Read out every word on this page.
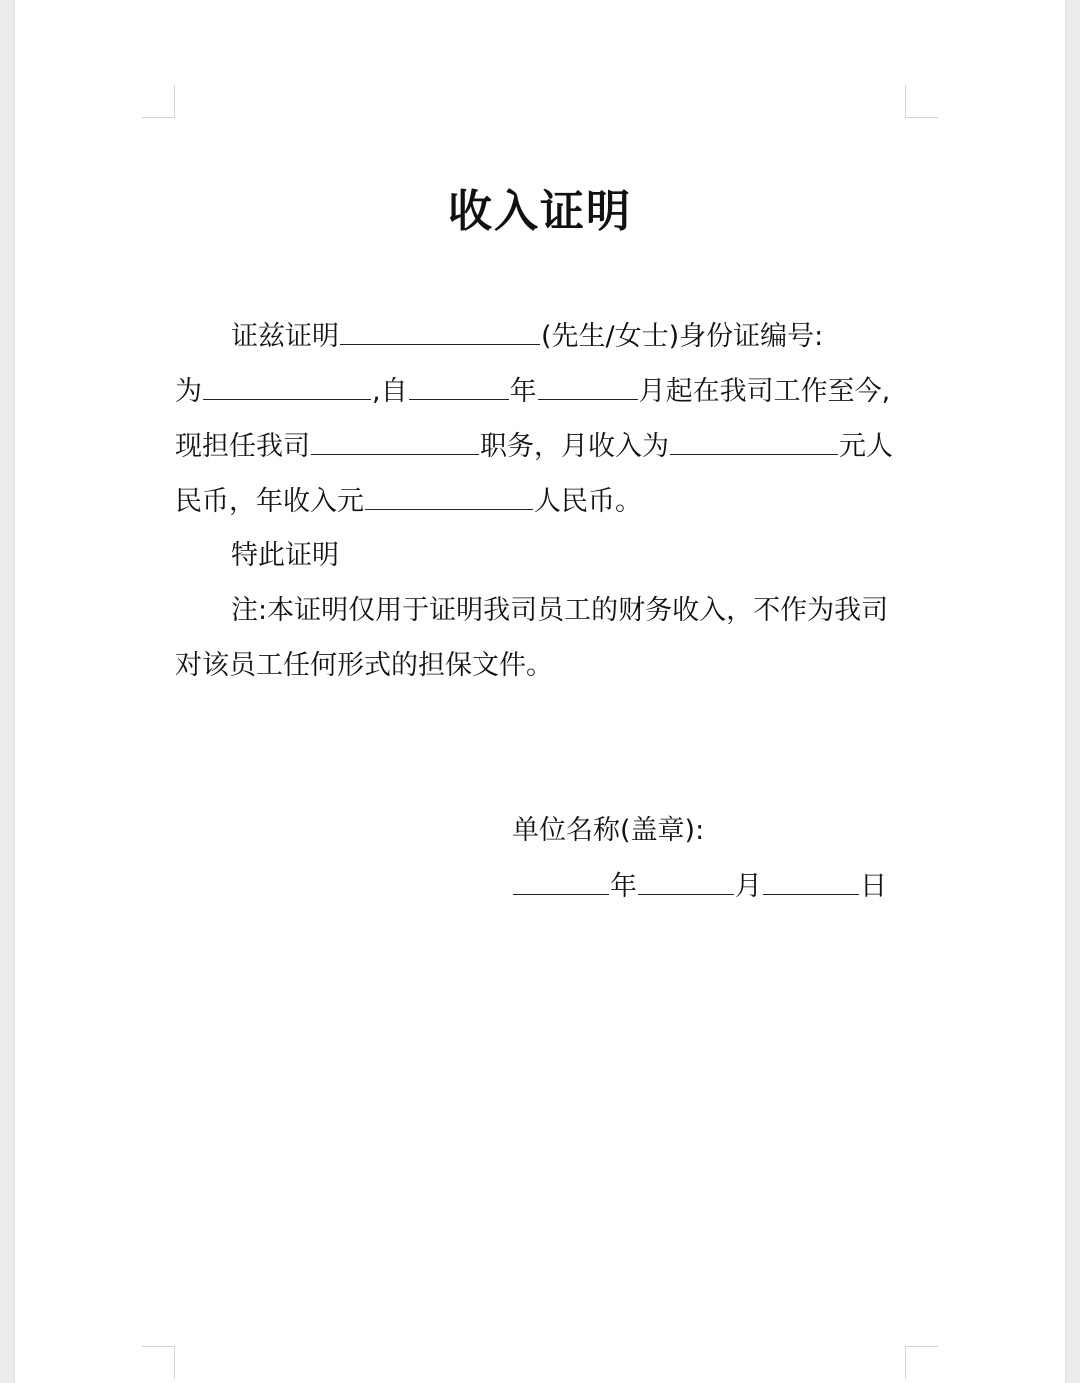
收入证明
证兹证明	(先生/女士)身份证编号:
为	,自	年	月起在我司工作至今,
现担任我司	职务，月收入为	元人
民币，年收入元	人民币。
特此证明
注:本证明仅用于证明我司员工的财务收入，不作为我司
对该员工任何形式的担保文件。
单位名称(盖章):
年	月	日
